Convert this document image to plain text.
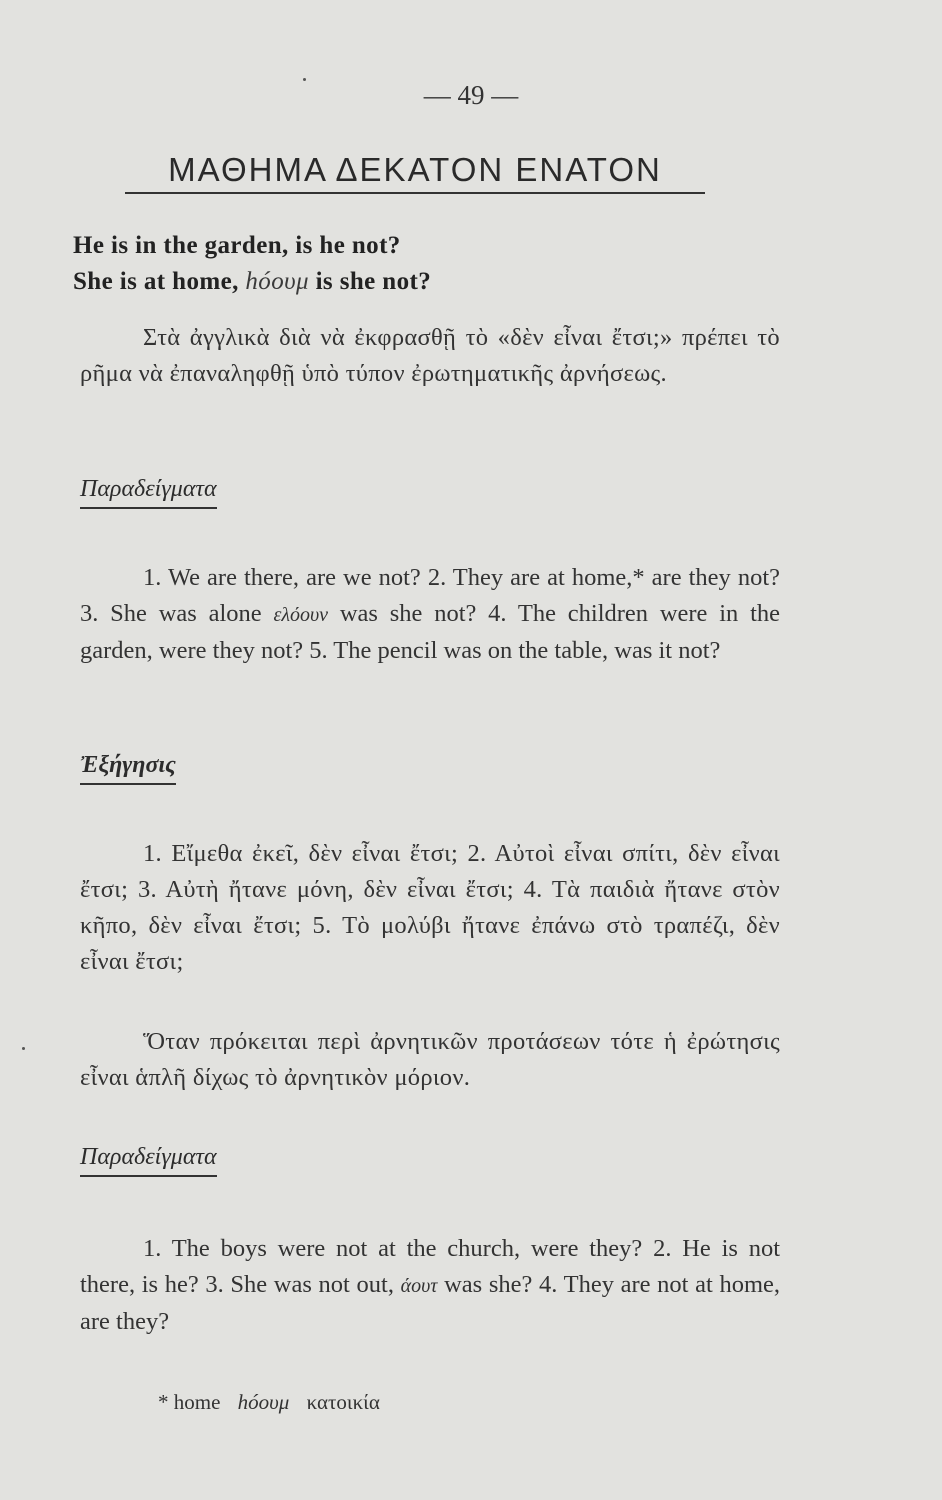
— 49 —
ΜΑΘΗΜΑ ΔΕΚΑΤΟΝ ΕΝΑΤΟΝ
He is in the garden, is he not?
She is at home, hóουμ is she not?

Στὰ ἀγγλικὰ διὰ νὰ ἐκφρασθῇ τὸ «δὲν εἶναι ἔτσι;» πρέπει τὸ ρῆμα νὰ ἐπαναληφθῇ ὑπὸ τύπον ἐρωτηματικῆς ἀρνήσεως.

Παραδείγματα

1. We are there, are we not? 2. They are at home,* are they not? 3. She was alone ελόουν was she not? 4. The children were in the garden, were they not? 5. The pencil was on the table, was it not?

Ἐξήγησις

1. Εἴμεθα ἐκεῖ, δὲν εἶναι ἔτσι; 2. Αὐτοὶ εἶναι σπίτι, δὲν εἶναι ἔτσι; 3. Αὐτὴ ἤτανε μόνη, δὲν εἶναι ἔτσι; 4. Τὰ παιδιὰ ἤτανε στὸν κῆπο, δὲν εἶναι ἔτσι; 5. Τὸ μολύβι ἤτανε ἐπάνω στὸ τραπέζι, δὲν εἶναι ἔτσι;

Ὅταν πρόκειται περὶ ἀρνητικῶν προτάσεων τότε ἡ ἐρώτησις εἶναι ἁπλῆ δίχως τὸ ἀρνητικὸν μόριον.

Παραδείγματα

1. The boys were not at the church, were they? 2. He is not there, is he? 3. She was not out, άουτ was she? 4. They are not at home, are they?

* home hóουμ κατοικία
